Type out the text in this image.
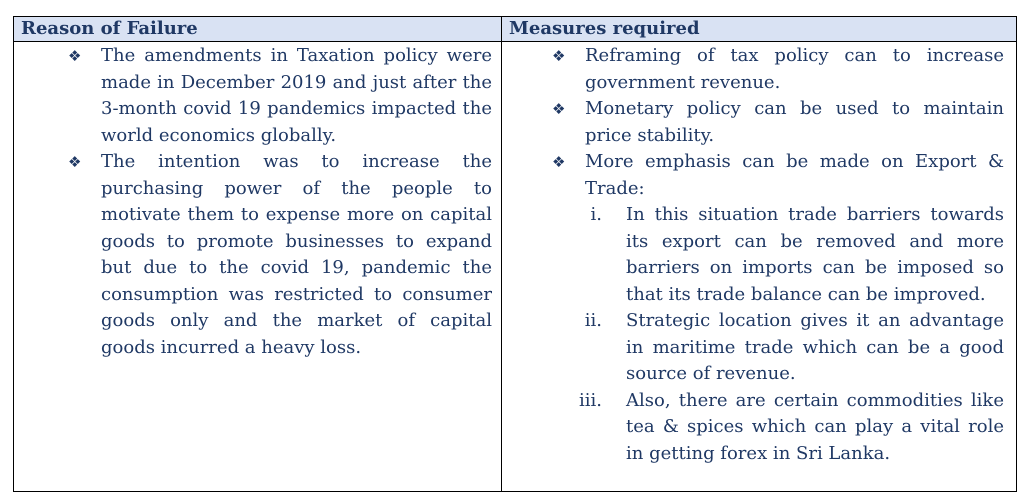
Reason of Failure	Measures required
❖ The amendments in Taxation policy were made in December 2019 and just after the 3-month covid 19 pandemics impacted the world economics globally.
❖ The intention was to increase the purchasing power of the people to motivate them to expense more on capital goods to promote businesses to expand but due to the covid 19, pandemic the consumption was restricted to consumer goods only and the market of capital goods incurred a heavy loss.
❖ Reframing of tax policy can to increase government revenue.
❖ Monetary policy can be used to maintain price stability.
❖ More emphasis can be made on Export & Trade:
i. In this situation trade barriers towards its export can be removed and more barriers on imports can be imposed so that its trade balance can be improved.
ii. Strategic location gives it an advantage in maritime trade which can be a good source of revenue.
iii. Also, there are certain commodities like tea & spices which can play a vital role in getting forex in Sri Lanka.
